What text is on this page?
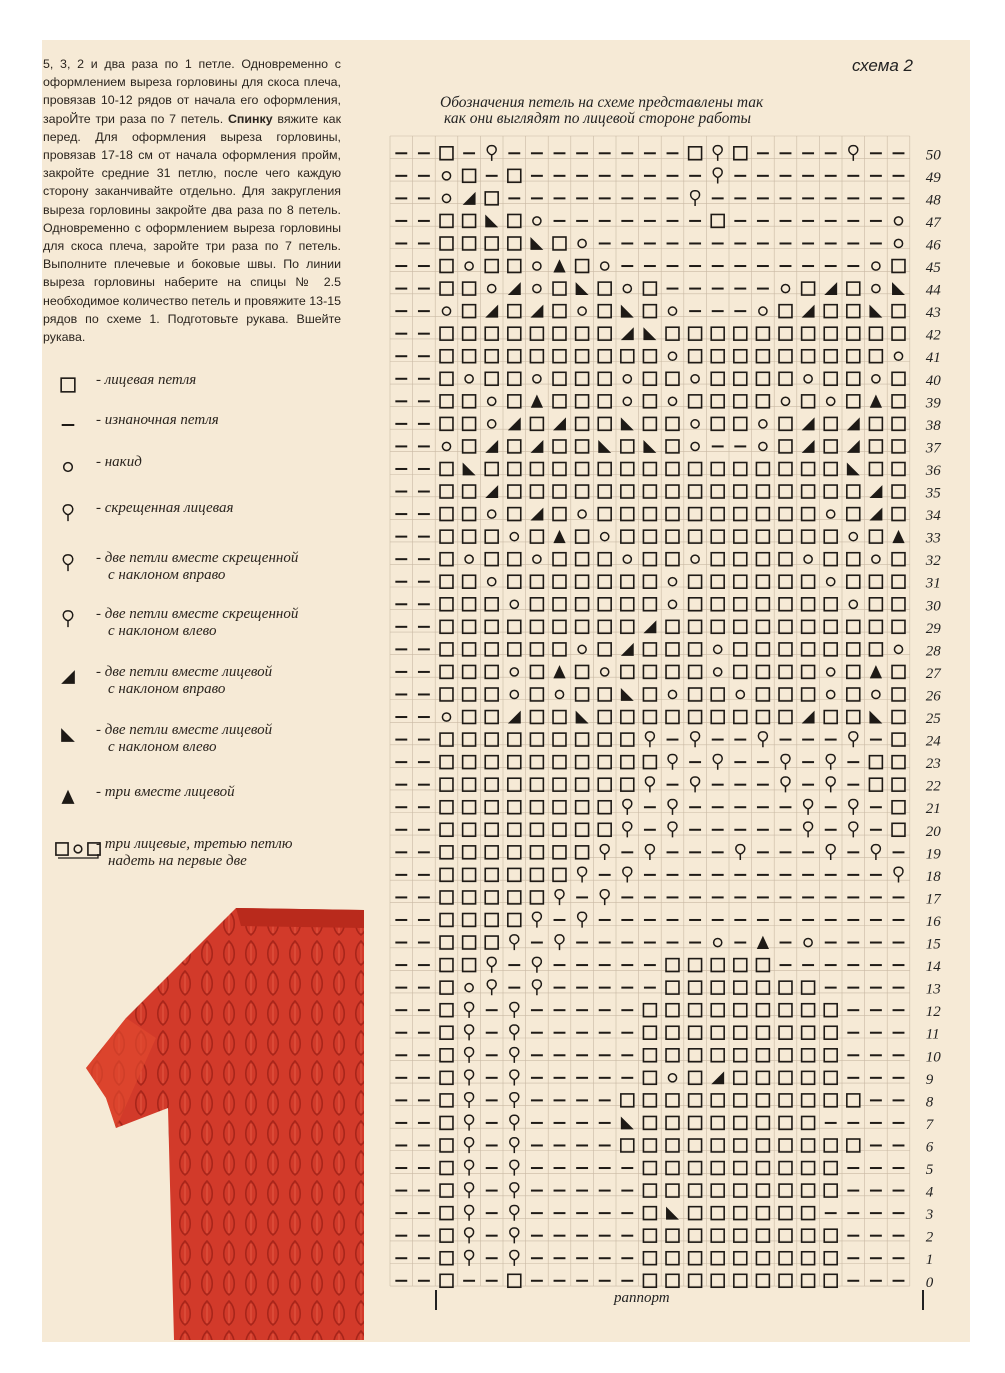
5, 3, 2 и два раза по 1 петле. Одновременно с оформлением выреза горловины для скоса плеча, провязав 10-12 рядов от начала его оформления, зароЙте три раза по 7 петель. Спинку вяжите как перед. Для оформления выреза горловины, провязав 17-18 см от начала оформления пройм, закройте средние 31 петлю, после чего каждую сторону заканчивайте отдельно. Для закругления выреза горловины закройте два раза по 8 петель. Одновременно с оформлением выреза горловины для скоса плеча, заройте три раза по 7 петель. Выполните плечевые и боковые швы. По линии выреза горловины наберите на спицы № 2.5 необходимое количество петель и провяжите 13-15 рядов по схеме 1. Подготовьте рукава. Вшейте рукава.
- лицевая петля
- изнаночная петля
- накид
- скрещенная лицевая
- две петли вместе скрещенной
с наклоном вправо
- две петли вместе скрещенной
с наклоном влево
- две петли вместе лицевой
с наклоном вправо
- две петли вместе лицевой
с наклоном влево
- три вместе лицевой
- три лицевые, третью петлю
надеть на первые две
схема 2
Обозначения петель на схеме представлены так
как они выглядят по лицевой стороне работы
50
49
48
47
46
45
44
43
42
41
40
39
38
37
36
35
34
33
32
31
30
29
28
27
26
25
24
23
22
21
20
19
18
17
16
15
14
13
12
11
10
9
8
7
6
5
4
3
2
1
0
раппорт
